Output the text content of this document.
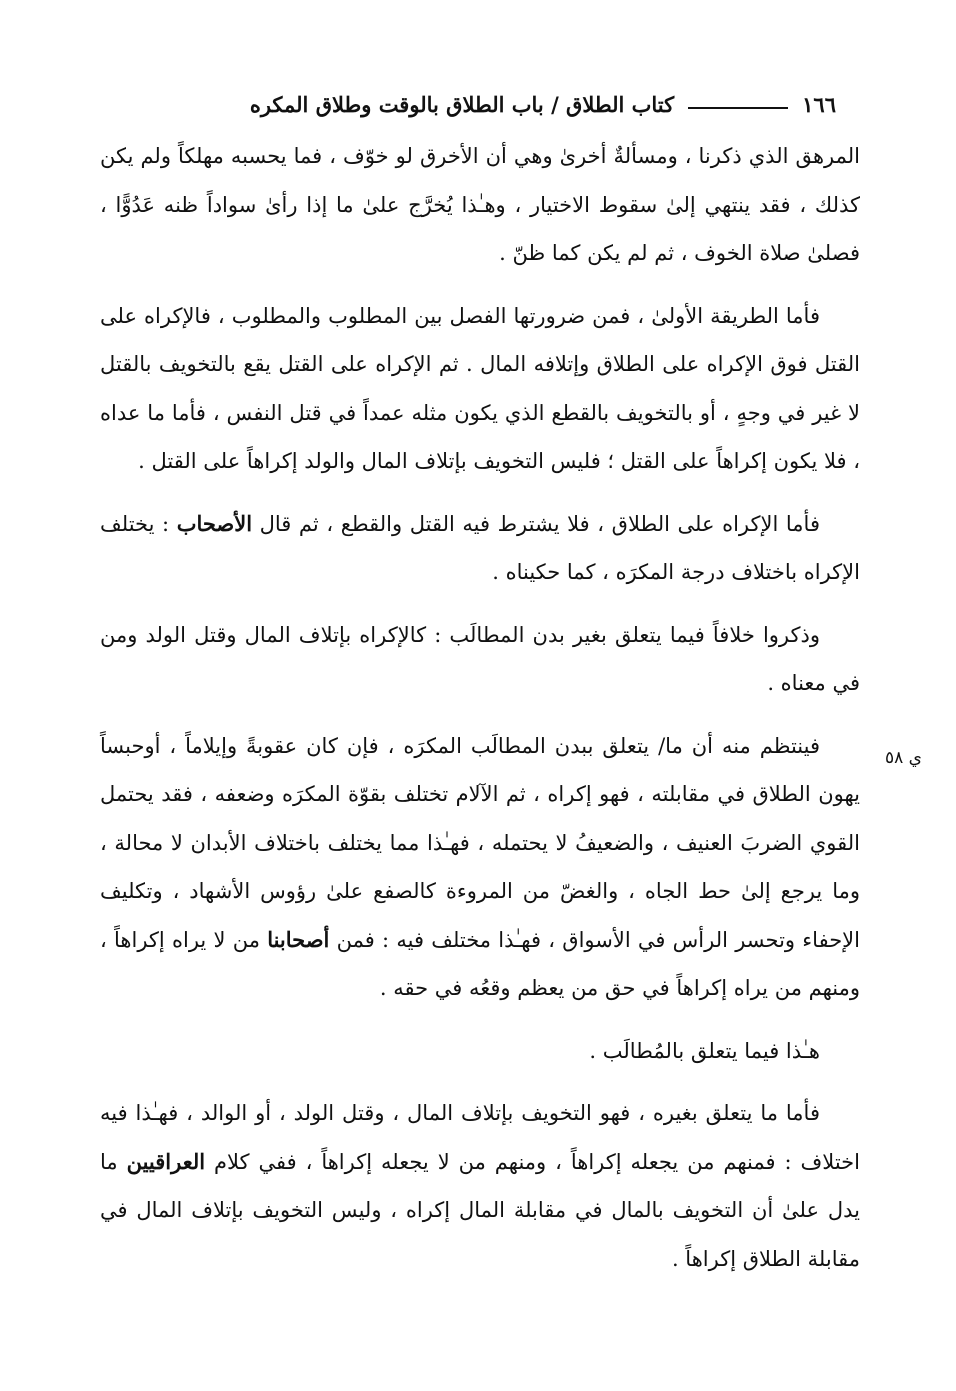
١٦٦
كتاب الطلاق / باب الطلاق بالوقت وطلاق المكره
ي ٥٨

المرهق الذي ذكرنا ، ومسألةٌ أخرىٰ وهي أن الأخرق لو خوّف ، فما يحسبه مهلكاً ولم يكن كذلك ، فقد ينتهي إلىٰ سقوط الاختيار ، وهـٰذا يُخرَّج علىٰ ما إذا رأىٰ سواداً ظنه عَدُوًّا ، فصلىٰ صلاة الخوف ، ثم لم يكن كما ظنّ .

فأما الطريقة الأولىٰ ، فمن ضرورتها الفصل بين المطلوب والمطلوب ، فالإكراه على القتل فوق الإكراه على الطلاق وإتلافه المال . ثم الإكراه على القتل يقع بالتخويف بالقتل لا غير في وجهٍ ، أو بالتخويف بالقطع الذي يكون مثله عمداً في قتل النفس ، فأما ما عداه ، فلا يكون إكراهاً على القتل ؛ فليس التخويف بإتلاف المال والولد إكراهاً على القتل .

فأما الإكراه على الطلاق ، فلا يشترط فيه القتل والقطع ، ثم قال الأصحاب : يختلف الإكراه باختلاف درجة المكرَه ، كما حكيناه .

وذكروا خلافاً فيما يتعلق بغير بدن المطالَب : كالإكراه بإتلاف المال وقتل الولد ومن في معناه .

فينتظم منه أن ما/ يتعلق ببدن المطالَب المكرَه ، فإن كان عقوبةً وإيلاماً ، أوحبساً يهون الطلاق في مقابلته ، فهو إكراه ، ثم الآلام تختلف بقوّة المكرَه وضعفه ، فقد يحتمل القوي الضربَ العنيف ، والضعيفُ لا يحتمله ، فهـٰذا مما يختلف باختلاف الأبدان لا محالة ، وما يرجع إلىٰ حط الجاه ، والغضّ من المروءة كالصفع علىٰ رؤوس الأشهاد ، وتكليف الإحفاء وتحسر الرأس في الأسواق ، فهـٰذا مختلف فيه : فمن أصحابنا من لا يراه إكراهاً ، ومنهم من يراه إكراهاً في حق من يعظم وقعُه في حقه .

هـٰذا فيما يتعلق بالمُطالَب .

فأما ما يتعلق بغيره ، فهو التخويف بإتلاف المال ، وقتل الولد ، أو الوالد ، فهـٰذا فيه اختلاف : فمنهم من يجعله إكراهاً ، ومنهم من لا يجعله إكراهاً ، ففي كلام العراقيين ما يدل علىٰ أن التخويف بالمال في مقابلة المال إكراه ، وليس التخويف بإتلاف المال في مقابلة الطلاق إكراهاً .
